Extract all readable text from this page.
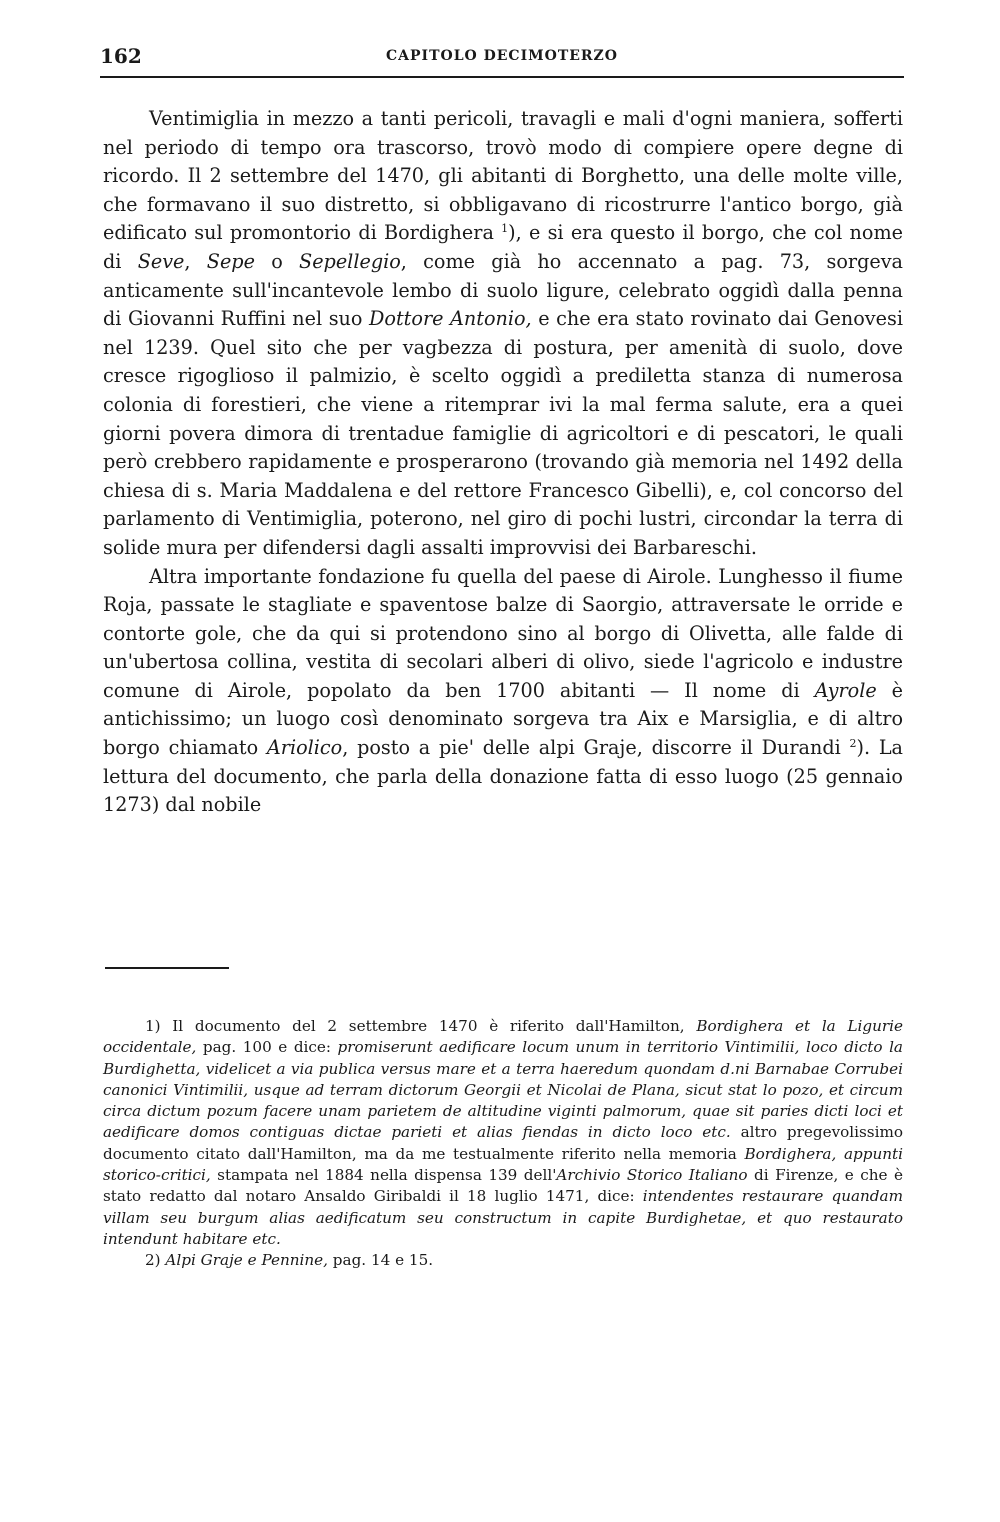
162	CAPITOLO DECIMOTERZO

Ventimiglia in mezzo a tanti pericoli, travagli e mali d'ogni maniera, sofferti nel periodo di tempo ora trascorso, trovò modo di compiere opere degne di ricordo. Il 2 settembre del 1470, gli abitanti di Borghetto, una delle molte ville, che formavano il suo distretto, si obbligavano di ricostrurre l'antico borgo, già edificato sul promontorio di Bordighera $^1$), e si era questo il borgo, che col nome di Seve, Sepe o Sepellegio, come già ho accennato a pag. 73, sorgeva anticamente sull'incantevole lembo di suolo ligure, celebrato oggidì dalla penna di Giovanni Ruffini nel suo Dottore Antonio, e che era stato rovinato dai Genovesi nel 1239. Quel sito che per vagbezza di postura, per amenità di suolo, dove cresce rigoglioso il palmizio, è scelto oggidì a prediletta stanza di numerosa colonia di forestieri, che viene a ritemprar ivi la mal ferma salute, era a quei giorni povera dimora di trentadue famiglie di agricoltori e di pescatori, le quali però crebbero rapidamente e prosperarono (trovando già memoria nel 1492 della chiesa di s. Maria Maddalena e del rettore Francesco Gibelli), e, col concorso del parlamento di Ventimiglia, poterono, nel giro di pochi lustri, circondar la terra di solide mura per difendersi dagli assalti improvvisi dei Barbareschi.

Altra importante fondazione fu quella del paese di Airole. Lunghesso il fiume Roja, passate le stagliate e spaventose balze di Saorgio, attraversate le orride e contorte gole, che da qui si protendono sino al borgo di Olivetta, alle falde di un'ubertosa collina, vestita di secolari alberi di olivo, siede l'agricolo e industre comune di Airole, popolato da ben 1700 abitanti — Il nome di Ayrole è antichissimo; un luogo così denominato sorgeva tra Aix e Marsiglia, e di altro borgo chiamato Ariolico, posto a pie' delle alpi Graje, discorre il Durandi $^2$). La lettura del documento, che parla della donazione fatta di esso luogo (25 gennaio 1273) dal nobile

1) Il documento del 2 settembre 1470 è riferito dall'Hamilton, Bordighera et la Ligurie occidentale, pag. 100 e dice: promiserunt aedificare locum unum in territorio Vintimilii, loco dicto la Burdighetta, videlicet a via publica versus mare et a terra haeredum quondam d.ni Barnabae Corrubei canonici Vintimilii, usque ad terram dictorum Georgii et Nicolai de Plana, sicut stat lo pozo, et circum circa dictum pozum facere unam parietem de altitudine viginti palmorum, quae sit paries dicti loci et aedificare domos contiguas dictae parieti et alias fiendas in dicto loco etc. altro pregevolissimo documento citato dall'Hamilton, ma da me testualmente riferito nella memoria Bordighera, appunti storico-critici, stampata nel 1884 nella dispensa 139 dell'Archivio Storico Italiano di Firenze, e che è stato redatto dal notaro Ansaldo Giribaldi il 18 luglio 1471, dice: intendentes restaurare quandam villam seu burgum alias aedificatum seu constructum in capite Burdighetae, et quo restaurato intendunt habitare etc.

2) Alpi Graje e Pennine, pag. 14 e 15.
